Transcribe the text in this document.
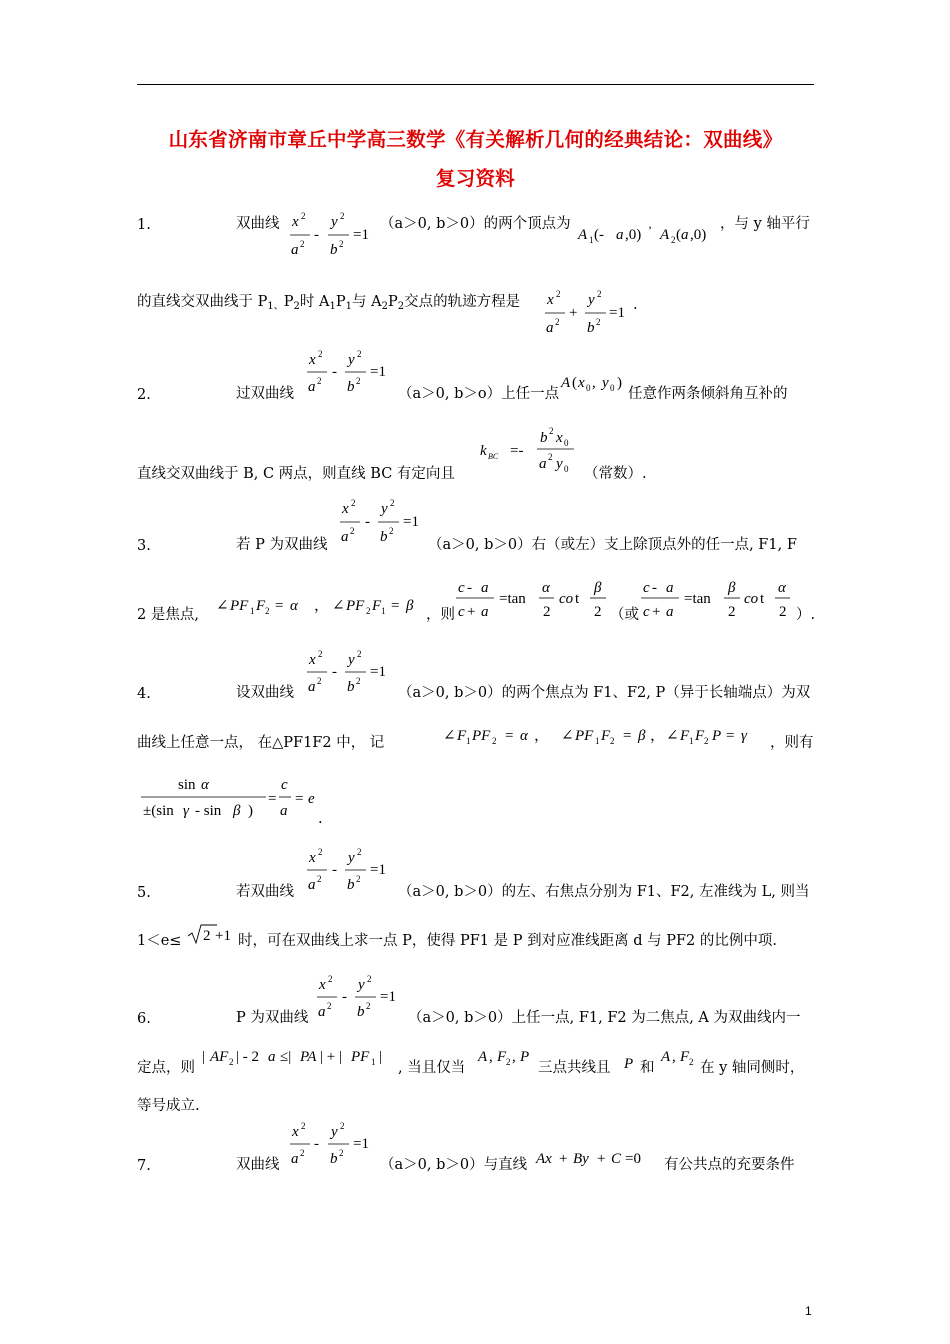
山东省济南市章丘中学高三数学《有关解析几何的经典结论：双曲线》
复习资料
1.	双曲线	（a＞0, b＞0）的两个顶点为	，与 y 轴平行
的直线交双曲线于 $P_{1、}P_2$时 $A_1P_1$与 $A_2P_2$交点的轨迹方程是	.
2.	过双曲线	（a＞0, b＞o）上任一点	任意作两条倾斜角互补的
直线交双曲线于 B, C 两点，则直线 BC 有定向且	（常数）.
3.	若 P 为双曲线	（a＞0, b＞0）右（或左）支上除顶点外的任一点, F1, F
2 是焦点,	，则	（或	）.
4.	设双曲线	（a＞0, b＞0）的两个焦点为 F1、F2, P（异于长轴端点）为双
曲线上任意一点， 在△PF1F2 中， 记	，则有
.
5.	若双曲线	（a＞0, b＞0）的左、右焦点分别为 F1、F2, 左准线为 L, 则当
1＜e≤	时，可在双曲线上求一点 P，使得 PF1 是 P 到对应准线距离 d 与 PF2 的比例中项.
6.	P 为双曲线	（a＞0, b＞0）上任一点, F1, F2 为二焦点, A 为双曲线内一
定点，则	, 当且仅当	三点共线且 和	在 y 轴同侧时，
等号成立.
7.	双曲线	（a＞0, b＞0）与直线	有公共点的充要条件
x 2
a 2
-
y 2
b 2
=1	A 1 (- a ,0) ’ A 2 ( a ,0)
x 2
a 2
+
y 2
b 2
=1
x 2
a 2
-
y 2
b 2
=1
A ( x 0 , y 0 )
k BC =-
b 2 x 0
a 2 y 0
x 2
a 2
-
y 2
b 2
=1
∠ PF 1 F 2 = α ， ∠ PF 2 F 1 = β
c - a
c + a
=tan
α
2
co t
β
2
c - a
c + a
=tan
β
2
co t
α
2
x 2
a 2
-
y 2
b 2
=1
∠ F 1 PF 2 = α ， ∠ PF 1 F 2 = β ， ∠ F 1 F 2 P = γ
sin α
±(sin γ - sin β )
=
c
a
= e
x 2
a 2
-
y 2
b 2
=1
2 +1
x 2
a 2
-
y 2
b 2
=1
| AF 2 | - 2 a ≤| PA | + | PF 1 |	A , F 2 , P	P A , F 2
x 2
a 2
-
y 2
b 2
=1
Ax + By + C =0
1
